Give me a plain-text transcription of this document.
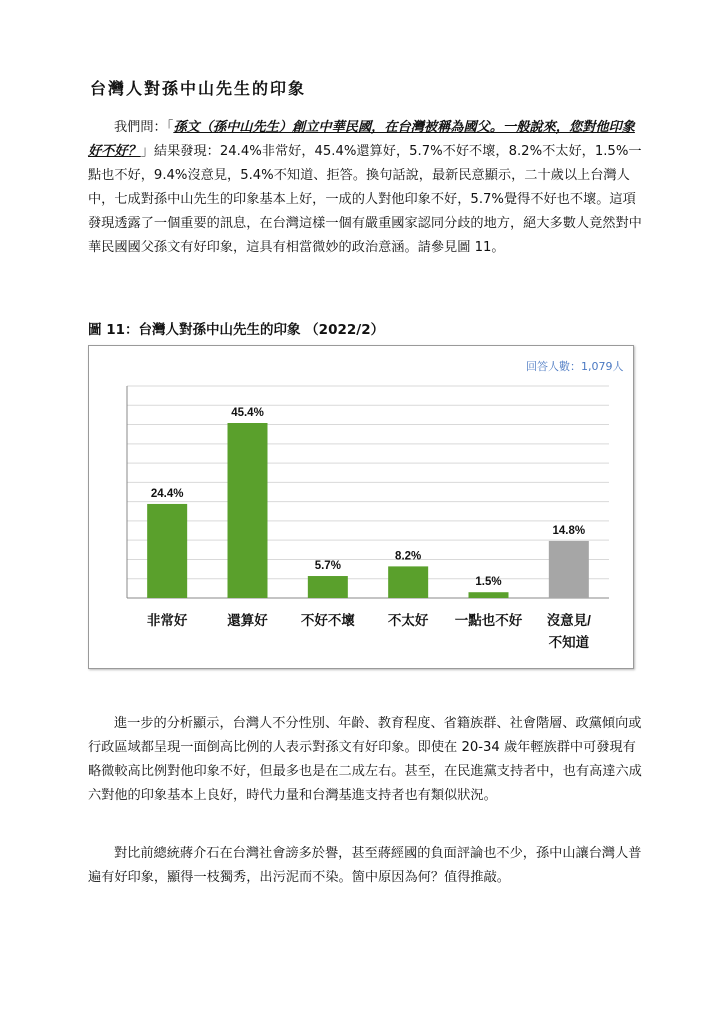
台灣人對孫中山先生的印象

我們問：「孫文（孫中山先生）創立中華民國，在台灣被稱為國父。一般說來，您對他印象好不好？」結果發現：24.4%非常好，45.4%還算好，5.7%不好不壞，8.2%不太好，1.5%一點也不好，9.4%沒意見，5.4%不知道、拒答。換句話說，最新民意顯示，二十歲以上台灣人中，七成對孫中山先生的印象基本上好，一成的人對他印象不好，5.7%覺得不好也不壞。這項發現透露了一個重要的訊息，在台灣這樣一個有嚴重國家認同分歧的地方，絕大多數人竟然對中華民國國父孫文有好印象，這具有相當微妙的政治意涵。請參見圖 11。

圖 11：台灣人對孫中山先生的印象 （2022/2）
24.4%
非常好
45.4%
還算好
5.7%
不好不壞
8.2%
不太好
1.5%
一點也不好
14.8%
沒意見/
不知道
回答人數：1,079人

進一步的分析顯示，台灣人不分性別、年齡、教育程度、省籍族群、社會階層、政黨傾向或行政區域都呈現一面倒高比例的人表示對孫文有好印象。即使在 20-34 歲年輕族群中可發現有略微較高比例對他印象不好，但最多也是在二成左右。甚至，在民進黨支持者中，也有高達六成六對他的印象基本上良好，時代力量和台灣基進支持者也有類似狀況。

對比前總統蔣介石在台灣社會謗多於譽，甚至蔣經國的負面評論也不少，孫中山讓台灣人普遍有好印象，顯得一枝獨秀，出污泥而不染。箇中原因為何？值得推敲。
